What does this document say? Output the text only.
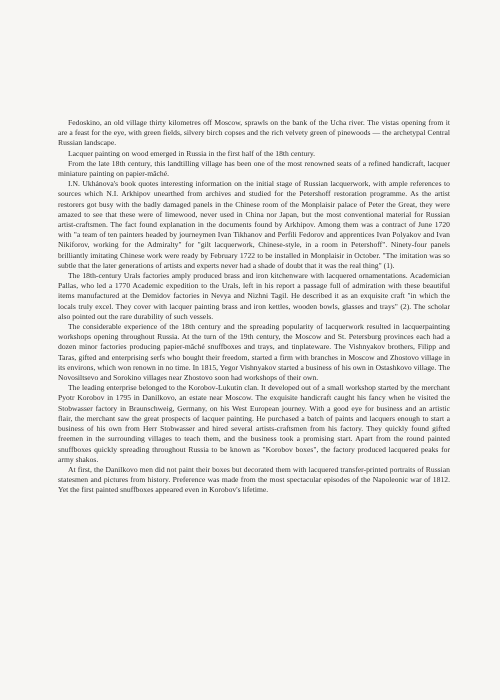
Fedoskino, an old village thirty kilometres off Moscow, sprawls on the bank of the Ucha river. The vistas opening from it are a feast for the eye, with green fields, silvery birch copses and the rich velvety green of pinewoods — the archetypal Central Russian landscape.

Lacquer painting on wood emerged in Russia in the first half of the 18th century.

From the late 18th century, this landtilling village has been one of the most renowned seats of a refined handicraft, lacquer miniature painting on papier-mâché.

I.N. Ukhánova's book quotes interesting information on the initial stage of Russian lacquerwork, with ample references to sources which N.I. Arkhipov unearthed from archives and studied for the Petershoff restoration programme. As the artist restorers got busy with the badly damaged panels in the Chinese room of the Monplaisir palace of Peter the Great, they were amazed to see that these were of limewood, never used in China nor Japan, but the most conventional material for Russian artist-craftsmen. The fact found explanation in the documents found by Arkhipov. Among them was a contract of June 1720 with "a team of ten painters headed by journeymen Ivan Tikhanov and Perfili Fedorov and apprentices Ivan Polyakov and Ivan Nikiforov, working for the Admiralty" for "gilt lacquerwork, Chinese-style, in a room in Petershoff". Ninety-four panels brilliantly imitating Chinese work were ready by February 1722 to be installed in Monplaisir in October. "The imitation was so subtle that the later generations of artists and experts never had a shade of doubt that it was the real thing" (1).

The 18th-century Urals factories amply produced brass and iron kitchenware with lacquered ornamentations. Academician Pallas, who led a 1770 Academic expedition to the Urals, left in his report a passage full of admiration with these beautiful items manufactured at the Demidov factories in Nevya and Nizhni Tagil. He described it as an exquisite craft "in which the locals truly excel. They cover with lacquer painting brass and iron kettles, wooden bowls, glasses and trays" (2). The scholar also pointed out the rare durability of such vessels.

The considerable experience of the 18th century and the spreading popularity of lacquerwork resulted in lacquerpainting workshops opening throughout Russia. At the turn of the 19th century, the Moscow and St. Petersburg provinces each had a dozen minor factories producing papier-mâché snuffboxes and trays, and tinplateware. The Vishnyakov brothers, Filipp and Taras, gifted and enterprising serfs who bought their freedom, started a firm with branches in Moscow and Zhostovo village in its environs, which won renown in no time. In 1815, Yegor Vishnyakov started a business of his own in Ostashkovo village. The Novosiltsevo and Sorokino villages near Zhostovo soon had workshops of their own.

The leading enterprise belonged to the Korobov-Lukutin clan. It developed out of a small workshop started by the merchant Pyotr Korobov in 1795 in Danilkovo, an estate near Moscow. The exquisite handicraft caught his fancy when he visited the Stobwasser factory in Braunschweig, Germany, on his West European journey. With a good eye for business and an artistic flair, the merchant saw the great prospects of lacquer painting. He purchased a batch of paints and lacquers enough to start a business of his own from Herr Stobwasser and hired several artists-craftsmen from his factory. They quickly found gifted freemen in the surrounding villages to teach them, and the business took a promising start. Apart from the round painted snuffboxes quickly spreading throughout Russia to be known as "Korobov boxes", the factory produced lacquered peaks for army shakos.

At first, the Danilkovo men did not paint their boxes but decorated them with lacquered transfer-printed portraits of Russian statesmen and pictures from history. Preference was made from the most spectacular episodes of the Napoleonic war of 1812. Yet the first painted snuffboxes appeared even in Korobov's lifetime.
